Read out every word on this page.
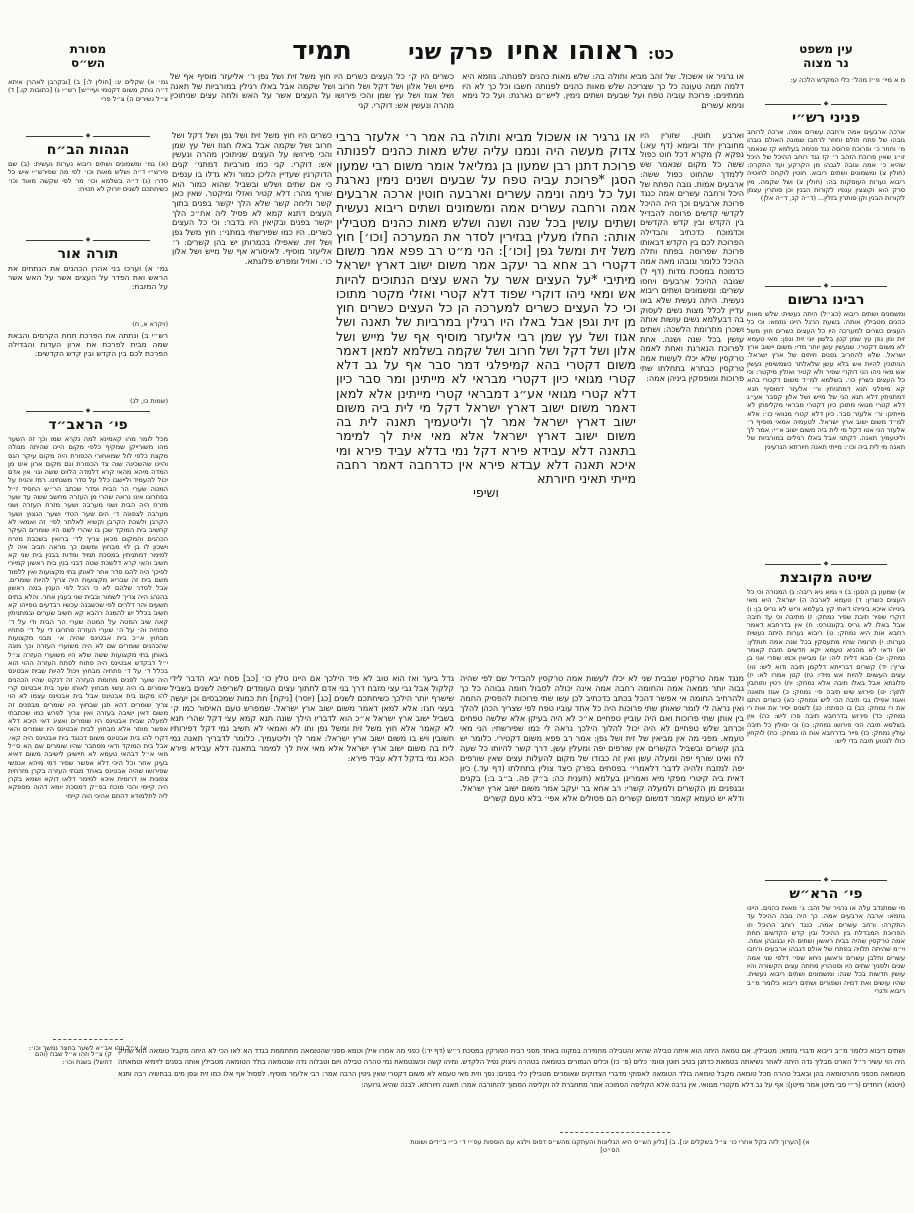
כט:
ראוהו אחיו
פרק שני
תמיד	עין משפט
נר מצוה
מ א מיי׳ פ״ז מהל׳ כלי המקדש הלכה ע:
◆
פניני רש״י
ארכה ארבעים אמה ורחבה עשרים אמה. ארכה לרוחב גובהו של פתח חולם וחוזר לרחבו שמונה האולם גובהו מ׳ וחוזר כ׳ ופרוכת פרוסה נגד פנימה בעלמא קז שנאמר זו״ג שאין פרוכת הזהב ר׳ קז נגד רוחב ההיכל של היכל שהיא כ׳ אמה וגובה לגבהו מן הקרקע ועד התקרה: (חולין צ) ומשמונים ושתים ריבוא. חוטין לוקחה לחוטיה ריבוא נערות העוסקות בה: (חולין צ) ושל שקמה. מין סרק הוא וקוצצין ענפיו לקורות הבנין וכן סותרין עצמן לקורות הבנין וקן סותרין בזלין... (ד״ה קנ, ד״ה אלן)
◆
רבינו גרשום
ומשמנים ושתים ריבוא (כצ״ל) היתה נעשית: שלש מאות כהנים מטבילין אותה. בשעת הרגל היינו גוזמא: וכי כל העצים כשרים למערכה היו כל העצים כשרים חוץ משל זית ומן גפן עץ שמן קטן בלשון יוני זית וגפן: מאי טעמא לא משום דקטרי. שנעשין עשן יותר מדי: משום יישוב ארץ ישראל. שלא להחריב גפנים וזיתים של ארץ ישראל. הניתוכין להיות אש בלא עשן שלאלתר כשמשימין נעשין אש מאי ניהו הני דוקרי שפיר ולא קטיר ואזלין מיקטר: וכי כל העצים כשרין כו׳. בשלמא למ״ד משום דקטרי בהא קא מיפלגי תנא דמתניתין ור׳ אלעזר דמוסיף תנא דמתניתין דלא תנא הני של מייש ושל אלון קסבר אע״ג דלא קטרי מגואי מתוכן כיון דקטרי מבראי מקליפתן לא מייתינן: ור׳ אלעזר סבר. כיון דלא קטרי מגוואי כו׳: אלא למ״ד משום ישוב ארץ ישראל. לטעמיה אמאי מוסיף ר׳ אלעזר הני אטו דקל מי לית ביה משום ישוב א״י: אמר לך וליטעמיך תאנה. דקתני אבל באלו רגילים במורביות של תאנה מי לית ביה וכו׳: מייתי תאנה חיורתא הגרעינין
◆
שיטה מקובצת
א) שמעון בן הסגן: ב) וי גמא גיא ריבה: ג) המנורה וכי כל העצים כשרין: ד) טעמא לארבה ה) ישראל. היא מאי בינייהו איכא בינייהו דאתי קץ בעלמא וריש לא גריס בן: ו) דוקרי שפיר תיבת שפיר נמחק: ז) מתיבה וכי עד תיבה אבל באלו לא גריס בקונטרס: ח) אין בדרחבא דאמר רחבא אות היא נמחק: ט) ריבוא נערות היתה נעשית נערות: י) תרומה שהיו מתעסקין בכל שנה אמה תותלין: יא) ודאי לא מהניא טעמא יקא חדשים תיבת קאמר נמחק: יב) סבא דלית ליה: יג) מביאין וכמו שפרי אני בן צריך: יד) קשרים דברייתא דלקמן תיבה ודוא ליש: טו) עצים העשוים להיות אש מידי: טז) קטן אמרו לא: יז) פלוגתא אבל באלו תיבה אלא נמחק: יח) רטין ותוחבין לתוך: יט) פירוש שיש תיבה פי׳ נמחק: כ) אגוז ותאנה ואגוז אפילו גבי תיבה הכי ליש ונמחק: כא) כשרים התם את רי נמחק: כב) בו הפתח: כג) לשנים יסיר את אות רי נמחק: כד) פירוש בדרחבא תיבה פרו ליש: כה) אין בשלמא תיבה הכי פירושו נמחק: כו) וכי יסולין כל תיבה עולין נמחק: כז) פייר בדרחבא אות הו נמחק: כח) לוקחין כולו לנטוע תיבה בדי ליש:
◆
פי׳ הרא״ש
מי שמתנדב עלה או גרגיר של זהב: ג׳ מאות כהנים. היינו גוזמא: ארבה ארבעים אמה. כך היה גובה ההיכל עד התקרה: ורחב עשרים אמה. כנגד רוחב ההיכל וזו הפרוכת המבדלת בין ההיכל ובין קדש הקדשים תחת אמה טרקסין שהיה בבית ראשון ושתים היו ובגובהן אמה. וי״מ שהיתה תלויה בפתח של אולם דגבהו ארבעים ורחבו עשרים וחלבן עשרים וראשון ניחא שפי׳ דלפי שני אמה שנים ולפניך שתים היו וסטהרין מחתה עצים הקשורה והיו עושין חדשות בכל שנה: ומשמונים ושתים ריבוא נעשית. שהיו עושים ואת דמיה ושפורים ושתים ריבוא כלומר מ״ב ריבוא ודגרי
מסורת
הש״ס
גמ׳ א) שקלים יג: [חולין ל:] ב) [ובקרבן לאהרן איתא ד״ה נותק משום דקטמי ועיי״ש] רש״י ג) [כתובות קו.] ד) צ״ל נשירים ה) צ״ל פרי
◆
הגהות הב״ח
(א) גמ׳ ומשמונים ושתים ריבוא נערות נעשית: (ב) שם פירש״י ד״ה ושלש מאות וכו׳ לפי מה שפירש״י איש כל סדר: (ג) ד״ה בשלמא וכו׳ מר לפי שקשה מאוד וכו׳ כשיחתכם לשנים יזרוק לא תטיח:
◆
תורה אור
גמ׳ א) וערכו בני אהרן הכהנים את הנתחים את הראש ואת הפדר על העצים אשר על האש אשר על המזבח:
(ויקרא א, ח)
רש״י ב) ונתתה את הפרכת תחת הקרסים והבאת שמה מבית לפרכת את ארון העדות והבדילה הפרכת לכם בין הקדש ובין קדש הקדשים:
(שמות כו, לג)
◆
פי׳ הראב״ד
מכל לומר מהו קאמינא למה נקרא שמו וכך זה השער מהו משורייקן שמקיף כלפי מקום היינו שהיתה מגולה מקצת כלפי לול שמאחורי הכפורת היה מקום עיקר הגס והיינו שהשכינה שוה צד הכפורת וגם מקום ארון אינו מן המדה מיהא מהאי קרא דלמדה הלוים ששה וגו׳ אין אדם יכול להעמיד וליישבו כלל על סדר משנתינו. רמז והניח על המטה שערי הר הבית וסדר שכתב הר״ש החסיד ז״ל בפתרונו אינו נראה שהרי מן העזרה מחשב ששה עד שער מזרח היה הבית ושני מערבה ושער מזרח העזרה ושני מערבה לצפונה ד׳ הים שער הטדי ושער הנצוץ ושער הקרבן ולשכת הקרבן וקשיא לאלתר לפי׳ זה ואמאי לא קחשיב בית המוקד שכן בו שהרי לשם היו שומרים העיקר הכהנים והמקום מכאן צריך לד׳ ברואין בשכבת מזרח וישכון לו בן לוי מבחוץ ומשום כך מראה חביב איה לן למימר דמתניתין במסכת תמיד ומדות בבנין בית שני קא חשיב והאי קרא דלשכת שטה דבני בנין בית ראשון קמיירי לפיכך היה להם סדר אחר לאותן בתי מקצועות ואין ללמוד משם בית זה שבריא מקצועות היה צריך להיות שומרים. אבל לסדר שלהם לא כי הכל לפי הענין במה ראשון בהנהג היה צריך לשמור ובבית שני בענין אחר. והלא בתים תשעים והר דלרים לפי שכשבנה עכשיו רבדעים גופייהו קא חשיב בכלל יש להמנה רהבא קא חשיב שערים ובמתניתין קאה שיב המטה על המטה שערי הר הבית ודי על ד׳ פתחיה וה׳ על ה׳ שערי העזרה פתרונו די על ד׳ פתחיו מבחוץ א״כ בית אבטינס שהיה א׳ מבני מקצועות שהכהנים שומרים שם לא היה משוערי העזרה וכך מונה באותן בתי מקצועות ששה שלא היו משוערי העזרה צ״ל י״ל דבקדש אבטינס היה פתוח לפתח העזרה ההוי הוא בכלל ד׳ על ד׳ פתחיה מבחוץ ויכול להיות שבית אבטינס היה שוער לפנים מחומת העזרה זה דנקט שהיו הכהנים שומרים בו היה עשוי מבחוץ לאותו שער בית אבטינס קרי להו מקום בית אבטינס אבל בית אבטינס עצמו לא הוי צריך שומרים דהא תנן שבחוץ היו שומרים מבפנים זה משום דאין ישיבה בעזרה ואין צריך לפרש כמו שכתבתי למעלה שבית אבטינס היו שומרים ואציג דאי היכא דלא אפשר מותר אלא מבחוץ לבית אבטינס היו שומרים והאי דקרי להו בית אבטינס משום דכנגד בית אבטינס היה קאי. אבל בית המוקד ודאי מסתבר שהיו שומרים שם הא ס״ל מאי א״ל דבהאי טעמא לא חיישינן לישיבה משום דאיא בעינן אחר וכל היכי דלא אפשר שפיר דמי מיהא אנפשי שפירושו שהיה אבטינס באחד מבתי העזרה בקרן מזרחית צפונית או דרומית איכא למימר דלאו דוקא ושמא בקרן היה קיימי והכי מוכח בפ״ק דמסכת יומא דהוה מספקא ליה לתלמודא דהתם אהיכי הוה קיימי
א) צ״ל וזהו אב״א לשער בחצר נמשך וכו׳:
או גרגיר או אשכול. של זהב מביא ותולה בה: שלש מאות כהנים לפנותה. גוזמא היא דלמה תמה טעונה כל כך שצריכה שלש מאות כהנים לפנותה חשבו וכל כך לא היו ממתינים: פרוכת עוביה טפח ועל שבעים ושתים נימין. לייש״ם נארגת: ועל כל נימא ונימא עשרים
כשרים היו ק׳ כל העצים כשרים היו חוץ משל זית ושל גפן ר׳ אליעזר מוסיף אף של מייש ושל אלון ושל דקל ושל חרוב ושל שקמה אבל באלו רגילין במורביות של תאנה ושל אגוז ושל עץ שמן והכי פירושו על העצים אשר על האש ולחה עצים שניתוכין מהרה ונעשין אש: דוקרי. קני
וארבע חוטין. שזורין היו מחוברין יחד וביומא (דף עא:) נפקא לן מקרא דכל חוט כפול ששה כל מקום שנאמר שש ללמדך שהחוט כפול ששה: ארבעים אמות. גובה הפתח של היכל ורחבה עשרים אמה כנגד פרוכת ארבעים וכך היה ההיכל לקדשי קדשים פרוסה להבדיל בין הקדש ובין קדש הקדשים וכדמוכח כדכתיב והבדילה הפרוכת לכם בין הקדש דבאותו פרוכת שפרוסה בפתח ותלה ההיכל כלומר וגובהו מאה אמה כדמוכח במסכת מדות (דף ל) שגובה ההיכל ארבעים ויחסו עשרים: ומשמונים ושתים ריבוא נעשית. היתה נעשית שלא באו עדיין לכלל מצות נשים לעסוק בה דבעלמא נשים עושות אותה ושכרן מתרומת הלשכה: ושתים עושין בכל שנה ושנה. אחת לפרוכת הנארגת ואחת לאמה טרקסין שלא יכלו לעשות אמה טרקסין כבתרא בתחלתו שתי פרוכות ומופסקין ביניהן אמה:
או גרגיר או אשכול מביא ותולה בה אמר ר׳ אלעזר ברבי צדוק מעשה היה ונמנו עליה שלש מאות כהנים לפנותה פרוכת דתנן רבן שמעון בן גמליאל אומר משום רבי שמעון הסגן *פרוכת עביה טפח על שבעים ושנים נימין נארגת ועל כל נימה ונימה עשרים וארבעה חוטין ארכה ארבעים אמה ורחבה עשרים אמה ומשמונים ושתים ריבוא נעשית ושתים עושין בכל שנה ושנה ושלש מאות כהנים מטבילין אותה: החלו מעלין בגזירין לסדר את המערכה [וכו׳] חוץ משל זית ומשל גפן [וכו׳]: הני מ״ט רב פפא אמר משום דקטרי רב אחא בר יעקב אמר משום ישוב דארץ ישראל מיתיבי *על העצים אשר על האש עצים הנתוכים להיות אש ומאי ניהו דוקרי שפוד דלא קטרי ואזלי מקטר מתוכו וכי כל העצים כשרים למערכה הן כל העצים כשרים חוץ מן זית וגפן אבל באלו היו רגילין במרביות של תאנה ושל אגוז ושל עץ שמן רבי אליעזר מוסיף אף של מייש ושל אלון ושל דקל ושל חרוב ושל שקמה בשלמא למאן דאמר משום דקטרי בהא קמיפלגי דמר סבר אף על גב דלא קטרי מגואי כיון דקטרי מבראי לא מייתינן ומר סבר כיון דלא קטרי מגואי אע״ג דמבראי קטרי מייתינן אלא למאן דאמר משום ישוב דארץ ישראל דקל מי לית ביה משום ישוב דארץ ישראל אמר לך וליטעמיך תאנה לית בה משום ישוב דארץ ישראל אלא מאי אית לך למימר בתאנה דלא עבידא פירא דקל נמי בדלא עביד פירא ומי איכא תאנה דלא עבדא פירא אין כדרחבה דאמר רחבה מייתי תאיני חיורתא
ושיפי
כשרים היו חוץ משל זית ושל גפן ושל דקל ושל חרוב ושל שקמה אבל באלו חגוז ושל עץ שמן והכי פירושו על העצים שניתוכין מהרה ונעשין אש: דוקרי. קני כמו מורביות דמתני׳ קנים הדוקרנין שעדיין הליכן כמור ולא גדלו בו ענפים כי אם שתים ושלש ובשביל שהוא כמור הוא שורף מהר: דלא קטיר ואזלי ומיקטר. שאין כאן קשר וליחה קשר שלא הלך יקשר בפנים בתוך העצים דתנא קמא לא פסיל ליה אח״כ הלך יקשר בפנים ובקיאין היו בדבר: וכי כל העצים כשרים. היו כמו שפירשתי במתני׳: חוץ משל גפן ושל זית. שאפילו בכמרותן יש בהן קשרים: ר׳ אליעזר מוסיף. לאיסורא אף של מייש ושל אלון כו׳. ואזיל ומפרש פלוגתא.
מנגד אמה טרקסין שבבית שני לא יכלו לעשות אמה טרקסין להבדיל שם לפי שהיה גבוה יותר ממאה אמה והחומה רחבה אמה אינה יכולה לסבול חומה גבוהה כל כך ולהרחיב החומה אי אפשר דהכל בכתב כדכתיב לכן עשו שתי פרוכות להפסיק החמה ואין נראה לי לומר שאותן שתי פרוכות היה כל אחד עוביו טפח לפי שצריך הכהן להלך בין אותן שתי פרוכות ואם היה עוביין טפחיים א״כ לא היה בעיקן אלא שלשה טפחים וכרחב שלש טפחיים לא היה יכול להלוך הילכך נראה לי כמו שפירשתי: הני מאי טעמא. מפני מה אין מביאין של זית ושל גפן: אמר רב פפא משום דקטירי. כלומר יש בהן קשרים ובשביל הקשרים אין שורפים יפה ומעלין עשן. דרך קשר להיותו כל שעה לח ואינו שורף יפה ומעלה עשן ואין זה כבודו של מקום להעלות עצים שאין שורפים יפה למזבח ולהיה לדבר דלאמרי׳ בפסחים בפרק כיצד צולין בתחלתו (דף עד.) כיון דאית ביה קיטרי מפקי מיא ואמרינן בעלמא (תענית כה: ב״ק פה. ב״ב ב:) בקנים ובגפנים מן הקשרים ולמעלה קשרי: רב אחא בר יעקב אמר משום ישוב ארץ ישראל. ודלא יש טעמא קאמר דמשום קשרים הם פסולים אלא אפי׳ בלא טעם קשרים
גדל ביער ואז הוא טוב לא פיד הילכך אם היינו טלין כו׳ [כב] פסח יבא הדבר לידי קלקול אבל גבי עצי מזבח דרך בני אדם לחתוך עצים העומדים לשריפה לשנים בשביל שישרף יותר הילכך כשיחתכם לשנים [כג] (יוסר) [ניקח] חת כמות שמכבסים וכן יעשה בעצי חגז: אלא למאן דאמר משום ישוב ארץ ישראל. שמפרש טעם האיסור כמו ק׳ בשביל ישוב ארץ ישראל א״כ הוא לדבריו הילך שונה תנא קמא עצי דקל שהרי תנא לא קאמר אלא חוץ משל זית ומשל גפן ותו לא ואמאי לא חשיב נמי דקל דפירותיו חשובין ויש בו משום ישוב ארץ ישראל: אמר לך וליטעמיך. כלומר לדבריך תאנה נמי לית בה משום ישוב ארץ ישראל אלא מאי אית לך למימר בתאנה דלא עבידא פירא הכא נמי בדקל דלא עביד פירא:
ק) צ״ל וזהו א״ל שבח (והם דחשל) בשנת וכו׳:
ושתים ריבוא כלומר מ״ב ריבוא ודברי גוזמא: מטבילין. אם טמאה היתה הוא איתה טבילה שהיא והטבילה מחמירה במקוה באחד מפני רבית הפורקין במסכת ר״ש (דף יד:) כפני מה אמרו אילן וטמא מפני שהטומאה מתחממת בגדד הא לאו הכי לא היתה מקבל טומאה הוא שתיק היה הוי עשיר ר״ל הארט מבליך נדה היתה לאחר נשיאתה בטמאת כדתנן בטיב חוטן וטומ׳ כלים (פ׳ כז) וכלים הגמורים בטומאה בטהרה ניצוק נפיל הלקדש. ומיהו קשה וכשנטמאת נמי טהרה טבילה ויום וטבלוה נדה שנטמאה בולד הטומאה מטבילין אותה בפנים לזימיא וטמאתה מטומאה מכפני מהרטומאה בהן ובאבל טהרה מכל טומאה מקבל טומאה בולד הטומאה לאפוקי מדברי הצדוקים שאומרים מטבילין כלי בפנים: נפך וזית מאי טעמא לא משום דקטרי שאין גיטין הרבה אמר: רבי אלעזר מוסיף. לפסול אף אלו כמו זית וגפן מים בבחשיה רבה ותנא (ויטנא) רוחדים (ר״י סבי מיטן אמר מייטן): אף על גב דלא מקטרי מגוואי. אין גרבה אלא הקליפה הסמוכה אמר מתחברת לה וקליפה הסמוך להחורבה אמר: תאנה חיורתא. לבנה שהיא גרועה:
א) [הערוך לזה בקל אחרי כו׳ צ״ל בשקלים יג:]. ב) [גליון הש״ס היא הגליונות והעתקנו מהש״ס דפוס וילנא עם הוספות עפ״י ד׳ כ״י ב״דים ושונות הס״ט]
